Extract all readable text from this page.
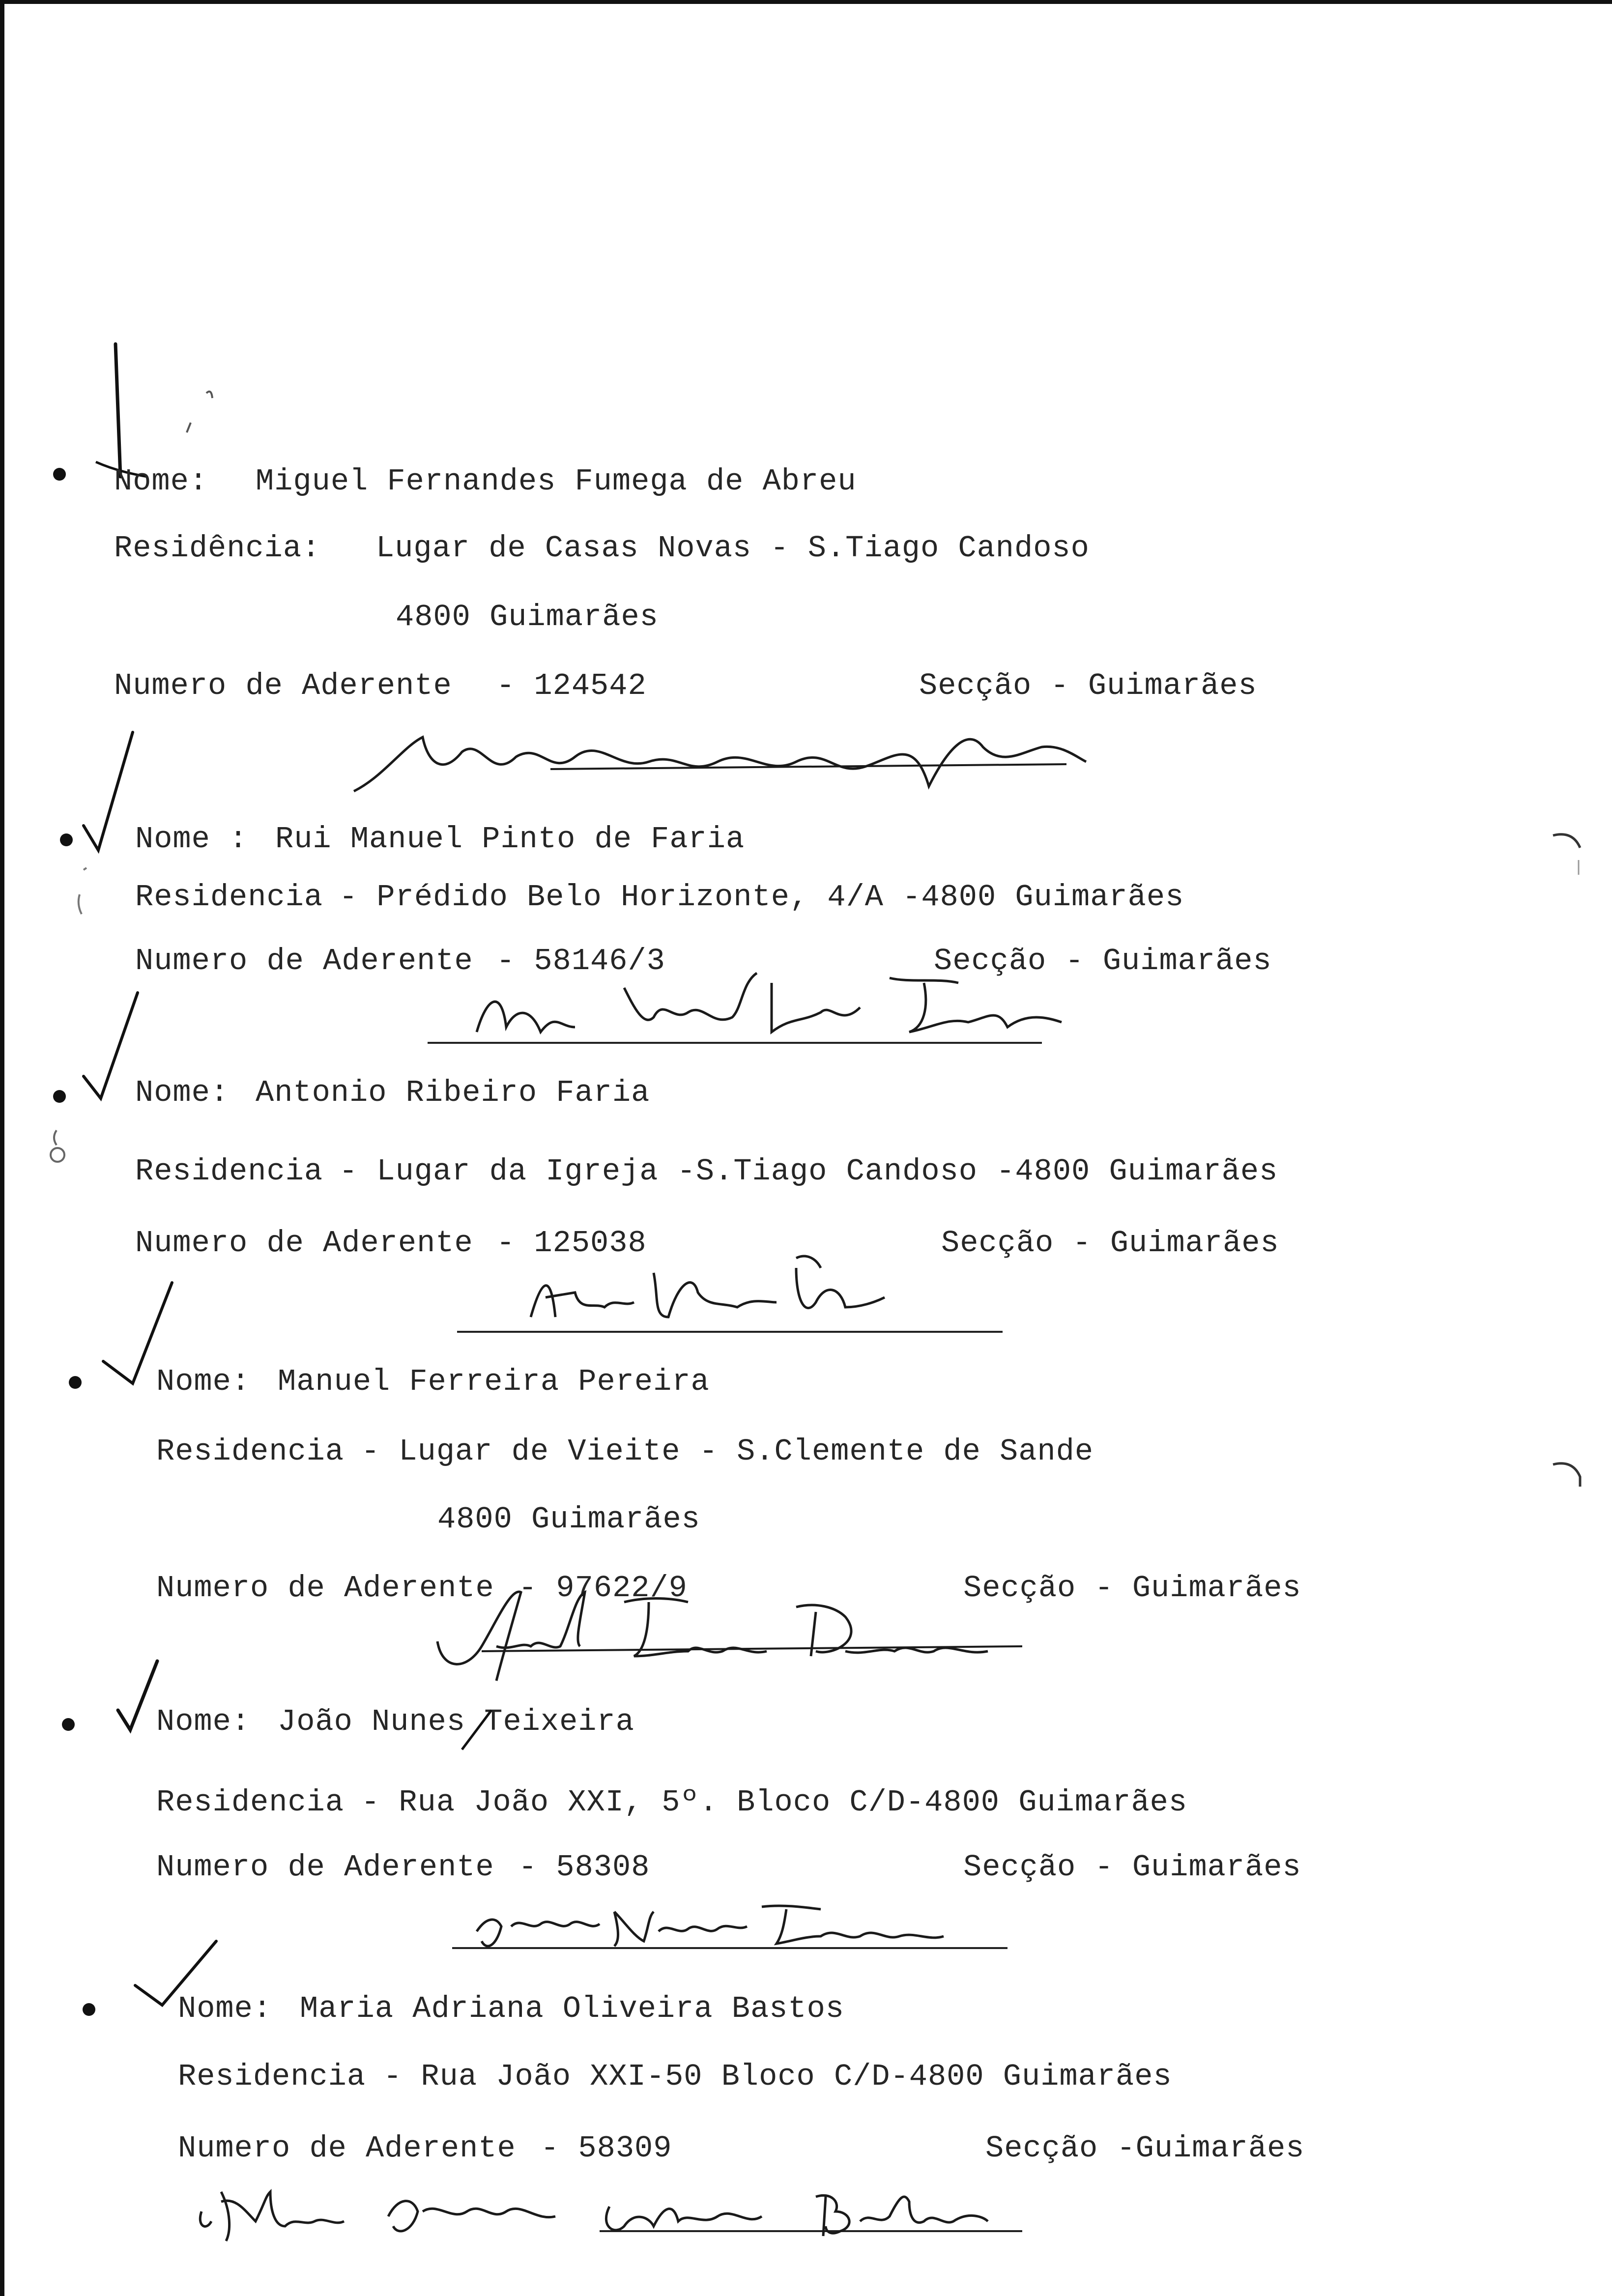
Nome: Miguel Fernandes Fumega de Abreu
Residência: Lugar de Casas Novas - S.Tiago Candoso
4800 Guimarães
Numero de Aderente - 124542	Secção - Guimarães
Nome : Rui Manuel Pinto de Faria
Residencia - Prédido Belo Horizonte, 4/A -4800 Guimarães
Numero de Aderente - 58146/3	Secção - Guimarães
Nome: Antonio Ribeiro Faria
Residencia - Lugar da Igreja -S.Tiago Candoso -4800 Guimarães
Numero de Aderente - 125038	Secção - Guimarães
Nome: Manuel Ferreira Pereira
Residencia - Lugar de Vieite - S.Clemente de Sande
4800 Guimarães
Numero de Aderente - 97622/9	Secção - Guimarães
Nome: João Nunes Teixeira
Residencia - Rua João XXI, 5º. Bloco C/D-4800 Guimarães
Numero de Aderente - 58308	Secção - Guimarães
Nome: Maria Adriana Oliveira Bastos
Residencia - Rua João XXI-50 Bloco C/D-4800 Guimarães
Numero de Aderente - 58309	Secção -Guimarães
